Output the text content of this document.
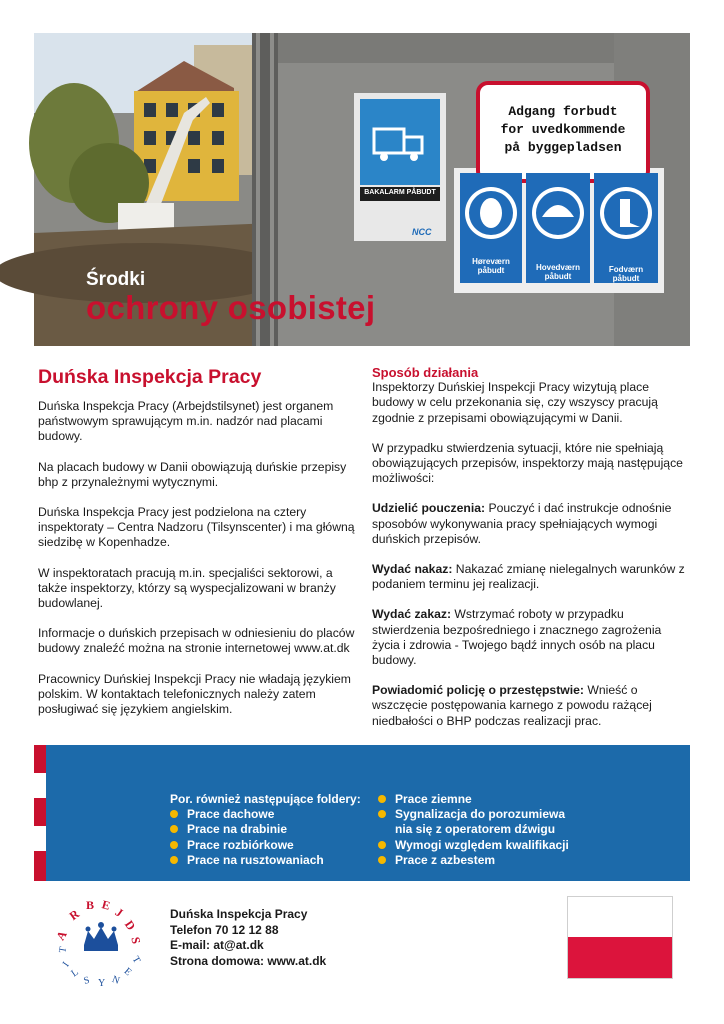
Adgang forbudt
for uvedkommende
på byggepladsen
BAKALARM PÅBUDT
NCC
Høreværn påbudt	Hovedværn påbudt
Fodværn påbudt
Środki
ochrony osobistej
Duńska Inspekcja Pracy

Duńska Inspekcja Pracy (Arbejdstilsynet) jest organem państwowym sprawującym m.in. nadzór nad placami budowy.

Na placach budowy w Danii obowiązują duńskie przepisy bhp z przynależnymi wytycznymi.

Duńska Inspekcja Pracy jest podzielona na cztery inspektoraty – Centra Nadzoru (Tilsynscenter) i ma główną siedzibę w Kopenhadze.

W inspektoratach pracują m.in. specjaliści sektorowi, a także inspektorzy, którzy są wyspecjalizowani w branży budowlanej.

Informacje o duńskich przepisach w odniesieniu do placów budowy znaleźć można na stronie internetowej www.at.dk

Pracownicy Duńskiej Inspekcji Pracy nie władają językiem polskim. W kontaktach telefonicznych należy zatem posługiwać się językiem angielskim.

Sposób działania

Inspektorzy Duńskiej Inspekcji Pracy wizytują place budowy w celu przekonania się, czy wszyscy pracują zgodnie z przepisami obowiązującymi w Danii.

W przypadku stwierdzenia sytuacji, które nie spełniają obowiązujących przepisów, inspektorzy mają następujące możliwości:

Udzielić pouczenia: Pouczyć i dać instrukcje odnośnie sposobów wykonywania pracy spełniających wymogi duńskich przepisów.

Wydać nakaz: Nakazać zmianę nielegalnych warunków z podaniem terminu jej realizacji.

Wydać zakaz: Wstrzymać roboty w przypadku stwierdzenia bezpośredniego i znacznego zagrożenia życia i zdrowia - Twojego bądź innych osób na placu budowy.

Powiadomić policję o przestępstwie: Wnieść o wszczęcie postępowania karnego z powodu rażącej niedbałości o BHP podczas realizacji prac.

Por. również następujące foldery:
Prace dachowe
Prace na drabinie
Prace rozbiórkowe
Prace na rusztowaniach
Prace ziemne
Sygnalizacja do porozumiewa nia się z operatorem dźwigu
Wymogi względem kwalifikacji
Prace z azbestem
A
R
B E J
D
S
T
I
L
S Y N
E
T
Duńska Inspekcja Pracy
Telefon 70 12 12 88
E-mail: at@at.dk
Strona domowa: www.at.dk
